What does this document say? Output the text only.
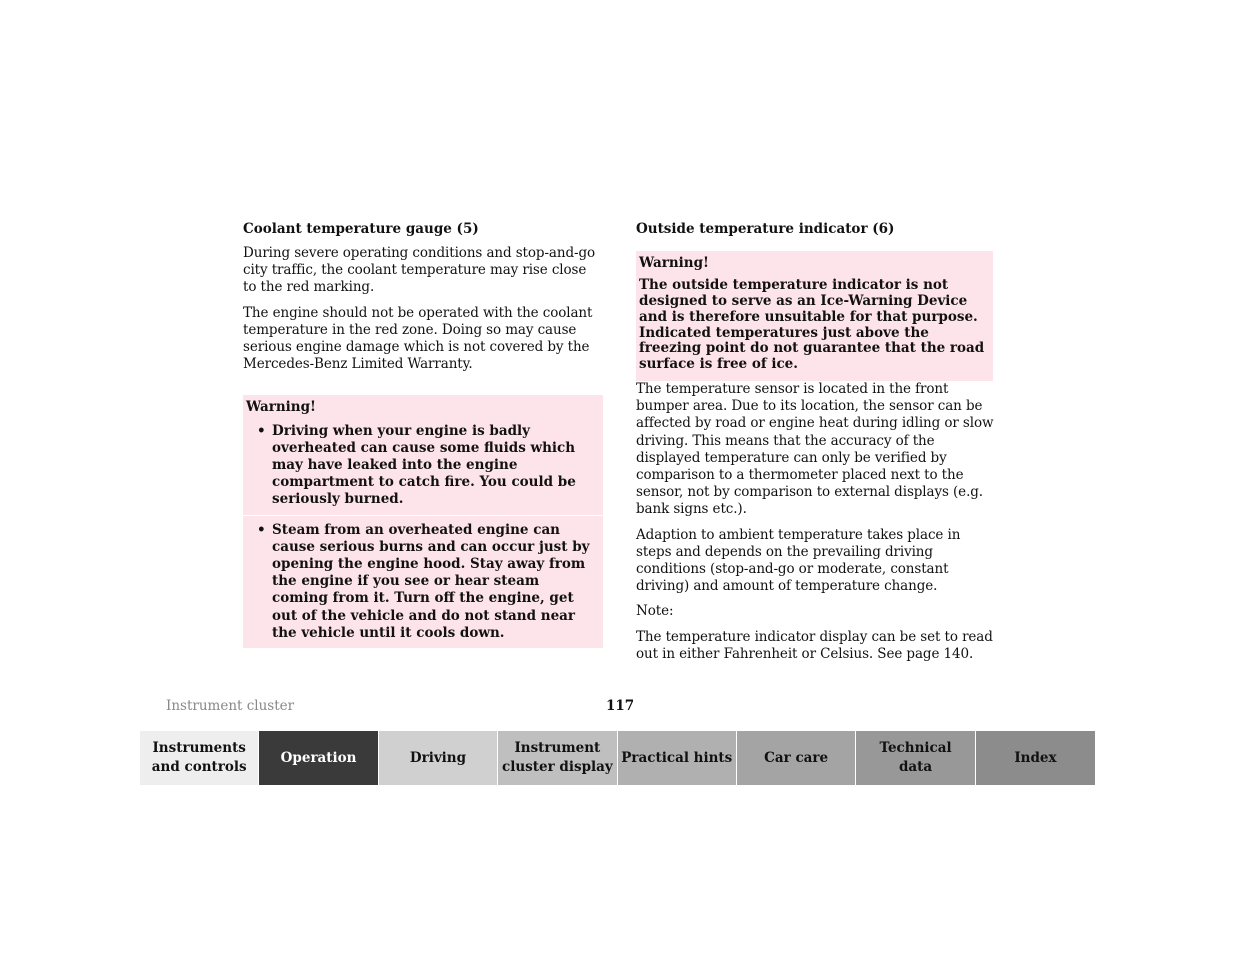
Coolant temperature gauge (5)

During severe operating conditions and stop-and-go city traffic, the coolant temperature may rise close to the red marking.

The engine should not be operated with the coolant temperature in the red zone. Doing so may cause serious engine damage which is not covered by the Mercedes-Benz Limited Warranty.

Warning!
• Driving when your engine is badly overheated can cause some fluids which may have leaked into the engine compartment to catch fire. You could be seriously burned.
• Steam from an overheated engine can cause serious burns and can occur just by opening the engine hood. Stay away from the engine if you see or hear steam coming from it. Turn off the engine, get out of the vehicle and do not stand near the vehicle until it cools down.
Outside temperature indicator (6)
Warning!
The outside temperature indicator is not designed to serve as an Ice-Warning Device and is therefore unsuitable for that purpose. Indicated temperatures just above the freezing point do not guarantee that the road surface is free of ice.

The temperature sensor is located in the front bumper area. Due to its location, the sensor can be affected by road or engine heat during idling or slow driving. This means that the accuracy of the displayed temperature can only be verified by comparison to a thermometer placed next to the sensor, not by comparison to external displays (e.g. bank signs etc.).

Adaption to ambient temperature takes place in steps and depends on the prevailing driving conditions (stop-and-go or moderate, constant driving) and amount of temperature change.

Note:

The temperature indicator display can be set to read out in either Fahrenheit or Celsius. See page 140.

Instrument cluster	117
Instruments
and controls
Operation	Driving
Instrument
cluster display
Practical hints Car care
Technical
data
Index
